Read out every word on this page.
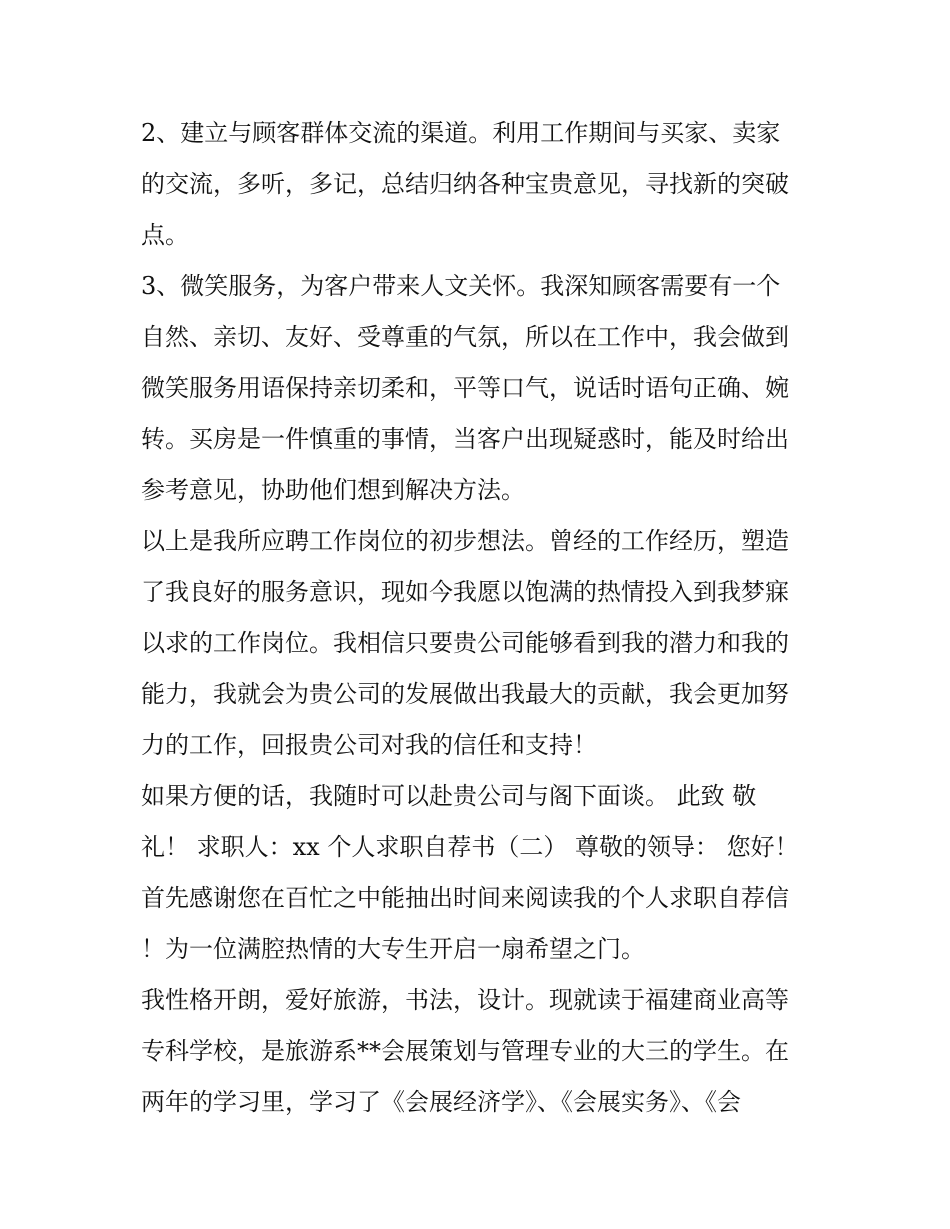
2、建立与顾客群体交流的渠道。利用工作期间与买家、卖家
的交流，多听，多记，总结归纳各种宝贵意见，寻找新的突破
点。
3、微笑服务，为客户带来人文关怀。我深知顾客需要有一个
自然、亲切、友好、受尊重的气氛，所以在工作中，我会做到
微笑服务用语保持亲切柔和，平等口气，说话时语句正确、婉
转。买房是一件慎重的事情，当客户出现疑惑时，能及时给出
参考意见，协助他们想到解决方法。
以上是我所应聘工作岗位的初步想法。曾经的工作经历，塑造
了我良好的服务意识，现如今我愿以饱满的热情投入到我梦寐
以求的工作岗位。我相信只要贵公司能够看到我的潜力和我的
能力，我就会为贵公司的发展做出我最大的贡献，我会更加努
力的工作，回报贵公司对我的信任和支持！
如果方便的话，我随时可以赴贵公司与阁下面谈。 此致 敬
礼！ 求职人：xx 个人求职自荐书（二） 尊敬的领导： 您好！
首先感谢您在百忙之中能抽出时间来阅读我的个人求职自荐信
！为一位满腔热情的大专生开启一扇希望之门。
我性格开朗，爱好旅游，书法，设计。现就读于福建商业高等
专科学校，是旅游系**会展策划与管理专业的大三的学生。在
两年的学习里，学习了《会展经济学》、《会展实务》、《会
